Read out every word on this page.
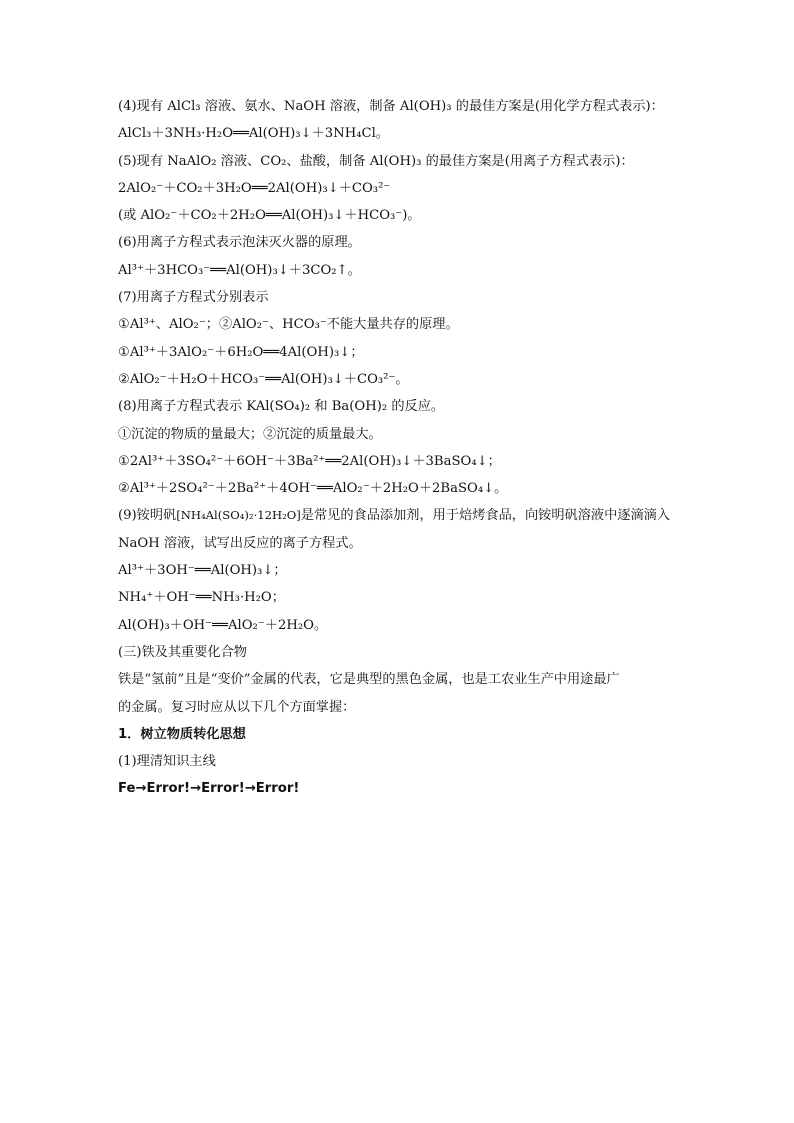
(4)现有 AlCl₃ 溶液、氨水、NaOH 溶液，制备 Al(OH)₃ 的最佳方案是(用化学方程式表示)：
AlCl₃＋3NH₃·H₂O══Al(OH)₃↓＋3NH₄Cl。
(5)现有 NaAlO₂ 溶液、CO₂、盐酸，制备 Al(OH)₃ 的最佳方案是(用离子方程式表示)：
2AlO₂⁻＋CO₂＋3H₂O══2Al(OH)₃↓＋CO₃²⁻
(或 AlO₂⁻＋CO₂＋2H₂O══Al(OH)₃↓＋HCO₃⁻)。
(6)用离子方程式表示泡沫灭火器的原理。
Al³⁺＋3HCO₃⁻══Al(OH)₃↓＋3CO₂↑。
(7)用离子方程式分别表示
①Al³⁺、AlO₂⁻；②AlO₂⁻、HCO₃⁻不能大量共存的原理。
①Al³⁺＋3AlO₂⁻＋6H₂O══4Al(OH)₃↓；
②AlO₂⁻＋H₂O＋HCO₃⁻══Al(OH)₃↓＋CO₃²⁻。
(8)用离子方程式表示 KAl(SO₄)₂ 和 Ba(OH)₂ 的反应。
①沉淀的物质的量最大；②沉淀的质量最大。
①2Al³⁺＋3SO₄²⁻＋6OH⁻＋3Ba²⁺══2Al(OH)₃↓＋3BaSO₄↓；
②Al³⁺＋2SO₄²⁻＋2Ba²⁺＋4OH⁻══AlO₂⁻＋2H₂O＋2BaSO₄↓。
(9)铵明矾[NH₄Al(SO₄)₂·12H₂O]是常见的食品添加剂，用于焙烤食品，向铵明矾溶液中逐滴滴入
NaOH 溶液，试写出反应的离子方程式。
Al³⁺＋3OH⁻══Al(OH)₃↓；
NH₄⁺＋OH⁻══NH₃·H₂O；
Al(OH)₃＋OH⁻══AlO₂⁻＋2H₂O。
(三)铁及其重要化合物
铁是“氢前”且是“变价”金属的代表，它是典型的黑色金属，也是工农业生产中用途最广
的金属。复习时应从以下几个方面掌握：
1．树立物质转化思想
(1)理清知识主线
Fe→Error!→Error!→Error!
